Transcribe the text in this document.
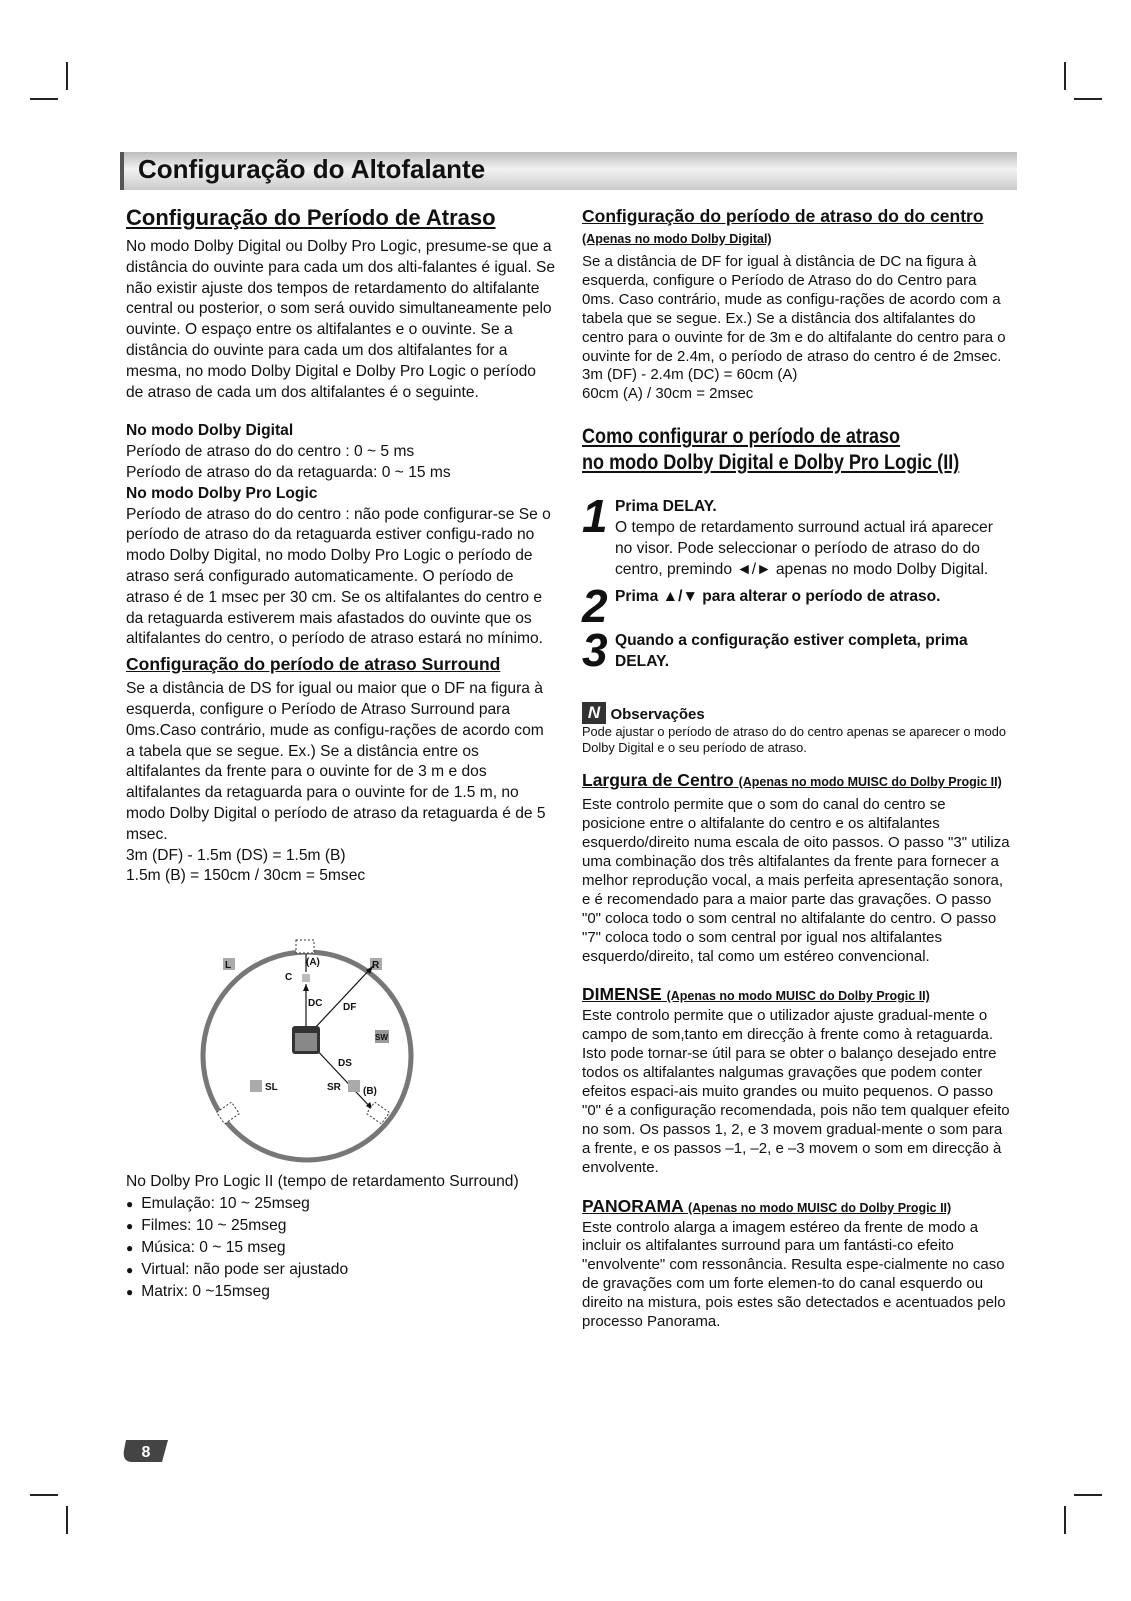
Configuração do Altofalante
Configuração do Período de Atraso

No modo Dolby Digital ou Dolby Pro Logic, presume-se que a distância do ouvinte para cada um dos alti-falantes é igual. Se não existir ajuste dos tempos de retardamento do altifalante central ou posterior, o som será ouvido simultaneamente pelo ouvinte. O espaço entre os altifalantes e o ouvinte. Se a distância do ouvinte para cada um dos altifalantes for a mesma, no modo Dolby Digital e Dolby Pro Logic o período de atraso de cada um dos altifalantes é o seguinte.

No modo Dolby Digital

Período de atraso do do centro : 0 ~ 5 ms

Período de atraso do da retaguarda: 0 ~ 15 ms

No modo Dolby Pro Logic

Período de atraso do do centro : não pode configurar-se Se o período de atraso do da retaguarda estiver configu-rado no modo Dolby Digital, no modo Dolby Pro Logic o período de atraso será configurado automaticamente. O período de atraso é de 1 msec per 30 cm. Se os altifalantes do centro e da retaguarda estiverem mais afastados do ouvinte que os altifalantes do centro, o período de atraso estará no mínimo.

Configuração do período de atraso Surround

Se a distância de DS for igual ou maior que o DF na figura à esquerda, configure o Período de Atraso Surround para 0ms.Caso contrário, mude as configu-rações de acordo com a tabela que se segue. Ex.) Se a distância entre os altifalantes da frente para o ouvinte for de 3 m e dos altifalantes da retaguarda para o ouvinte for de 1.5 m, no modo Dolby Digital o período de atraso da retaguarda é de 5 msec.

3m (DF) - 1.5m (DS) = 1.5m (B)

1.5m (B) = 150cm / 30cm = 5msec

L	R
C
(A)
DC DF
DS
SW
SL	SR (B)

No Dolby Pro Logic II (tempo de retardamento Surround)

● Emulação: 10 ~ 25mseg
● Filmes: 10 ~ 25mseg
● Música: 0 ~ 15 mseg
● Virtual: não pode ser ajustado
● Matrix: 0 ~15mseg
Configuração do período de atraso do do centro (Apenas no modo Dolby Digital)

Se a distância de DF for igual à distância de DC na figura à esquerda, configure o Período de Atraso do do Centro para 0ms. Caso contrário, mude as configu-rações de acordo com a tabela que se segue. Ex.) Se a distância dos altifalantes do centro para o ouvinte for de 3m e do altifalante do centro para o ouvinte for de 2.4m, o período de atraso do centro é de 2msec.

3m (DF) - 2.4m (DC) = 60cm (A)

60cm (A) / 30cm = 2msec

Como configurar o período de atraso
no modo Dolby Digital e Dolby Pro Logic (II)
1 Prima DELAY.
O tempo de retardamento surround actual irá aparecer no visor. Pode seleccionar o período de atraso do do centro, premindo ◄/► apenas no modo Dolby Digital.
2 Prima ▲/▼ para alterar o período de atraso.
3 Quando a configuração estiver completa, prima DELAY.
N Observações

Pode ajustar o período de atraso do do centro apenas se aparecer o modo Dolby Digital e o seu período de atraso.

Largura de Centro (Apenas no modo MUISC do Dolby Progic II)

Este controlo permite que o som do canal do centro se posicione entre o altifalante do centro e os altifalantes esquerdo/direito numa escala de oito passos. O passo "3" utiliza uma combinação dos três altifalantes da frente para fornecer a melhor reprodução vocal, a mais perfeita apresentação sonora, e é recomendado para a maior parte das gravações. O passo "0" coloca todo o som central no altifalante do centro. O passo "7" coloca todo o som central por igual nos altifalantes esquerdo/direito, tal como um estéreo convencional.

DIMENSE (Apenas no modo MUISC do Dolby Progic II)

Este controlo permite que o utilizador ajuste gradual-mente o campo de som,tanto em direcção à frente como à retaguarda. Isto pode tornar-se útil para se obter o balanço desejado entre todos os altifalantes nalgumas gravações que podem conter efeitos espaci-ais muito grandes ou muito pequenos. O passo "0" é a configuração recomendada, pois não tem qualquer efeito no som. Os passos 1, 2, e 3 movem gradual-mente o som para a frente, e os passos –1, –2, e –3 movem o som em direcção à envolvente.

PANORAMA (Apenas no modo MUISC do Dolby Progic II)

Este controlo alarga a imagem estéreo da frente de modo a incluir os altifalantes surround para um fantásti-co efeito "envolvente" com ressonância. Resulta espe-cialmente no caso de gravações com um forte elemen-to do canal esquerdo ou direito na mistura, pois estes são detectados e acentuados pelo processo Panorama.

8
